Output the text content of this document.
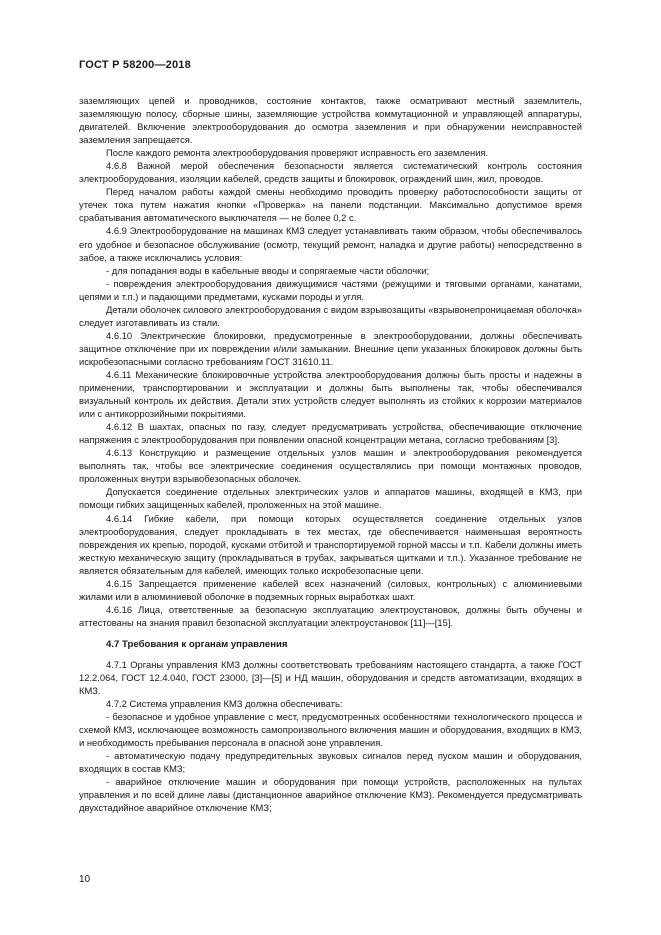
ГОСТ Р 58200—2018

заземляющих цепей и проводников, состояние контактов, также осматривают местный заземлитель, заземляющую полосу, сборные шины, заземляющие устройства коммутационной и управляющей аппаратуры, двигателей. Включение электрооборудования до осмотра заземления и при обнаружении неисправностей заземления запрещается.

После каждого ремонта электрооборудования проверяют исправность его заземления.

4.6.8 Важной мерой обеспечения безопасности является систематический контроль состояния электрооборудования, изоляции кабелей, средств защиты и блокировок, ограждений шин, жил, проводов.

Перед началом работы каждой смены необходимо проводить проверку работоспособности защиты от утечек тока путем нажатия кнопки «Проверка» на панели подстанции. Максимально допустимое время срабатывания автоматического выключателя — не более 0,2 с.

4.6.9 Электрооборудование на машинах КМЗ следует устанавливать таким образом, чтобы обеспечивалось его удобное и безопасное обслуживание (осмотр, текущий ремонт, наладка и другие работы) непосредственно в забое, а также исключались условия:

- для попадания воды в кабельные вводы и сопрягаемые части оболочки;

- повреждения электрооборудования движущимися частями (режущими и тяговыми органами, канатами, цепями и т.п.) и падающими предметами, кусками породы и угля.

Детали оболочек силового электрооборудования с видом взрывозащиты «взрывонепроницаемая оболочка» следует изготавливать из стали.

4.6.10 Электрические блокировки, предусмотренные в электрооборудовании, должны обеспечивать защитное отключение при их повреждении и/или замыкании. Внешние цепи указанных блокировок должны быть искробезопасными согласно требованиям ГОСТ 31610.11.

4.6.11 Механические блокировочные устройства электрооборудования должны быть просты и надежны в применении, транспортировании и эксплуатации и должны быть выполнены так, чтобы обеспечивался визуальный контроль их действия. Детали этих устройств следует выполнять из стойких к коррозии материалов или с антикоррозийными покрытиями.

4.6.12 В шахтах, опасных по газу, следует предусматривать устройства, обеспечивающие отключение напряжения с электрооборудования при появлении опасной концентрации метана, согласно требованиям [3].

4.6.13 Конструкцию и размещение отдельных узлов машин и электрооборудования рекомендуется выполнять так, чтобы все электрические соединения осуществлялись при помощи монтажных проводов, проложенных внутри взрывобезопасных оболочек.

Допускается соединение отдельных электрических узлов и аппаратов машины, входящей в КМЗ, при помощи гибких защищенных кабелей, проложенных на этой машине.

4.6.14 Гибкие кабели, при помощи которых осуществляется соединение отдельных узлов электрооборудования, следует прокладывать в тех местах, где обеспечивается наименьшая вероятность повреждения их крепью, породой, кусками отбитой и транспортируемой горной массы и т.п. Кабели должны иметь жесткую механическую защиту (прокладываться в трубах, закрываться щитками и т.п.). Указанное требование не является обязательным для кабелей, имеющих только искробезопасные цепи.

4.6.15 Запрещается применение кабелей всех назначений (силовых, контрольных) с алюминиевыми жилами или в алюминиевой оболочке в подземных горных выработках шахт.

4.6.16 Лица, ответственные за безопасную эксплуатацию электроустановок, должны быть обучены и аттестованы на знания правил безопасной эксплуатации электроустановок [11]—[15].

4.7 Требования к органам управления

4.7.1 Органы управления КМЗ должны соответствовать требованиям настоящего стандарта, а также ГОСТ 12.2.064, ГОСТ 12.4.040, ГОСТ 23000, [3]—[5] и НД машин, оборудования и средств автоматизации, входящих в КМЗ.

4.7.2 Система управления КМЗ должна обеспечивать:

- безопасное и удобное управление с мест, предусмотренных особенностями технологического процесса и схемой КМЗ, исключающее возможность самопроизвольного включения машин и оборудования, входящих в КМЗ, и необходимость пребывания персонала в опасной зоне управления.

- автоматическую подачу предупредительных звуковых сигналов перед пуском машин и оборудования, входящих в состав КМЗ;

- аварийное отключение машин и оборудования при помощи устройств, расположенных на пультах управления и по всей длине лавы (дистанционное аварийное отключение КМЗ). Рекомендуется предусматривать двухстадийное аварийное отключение КМЗ;

10
